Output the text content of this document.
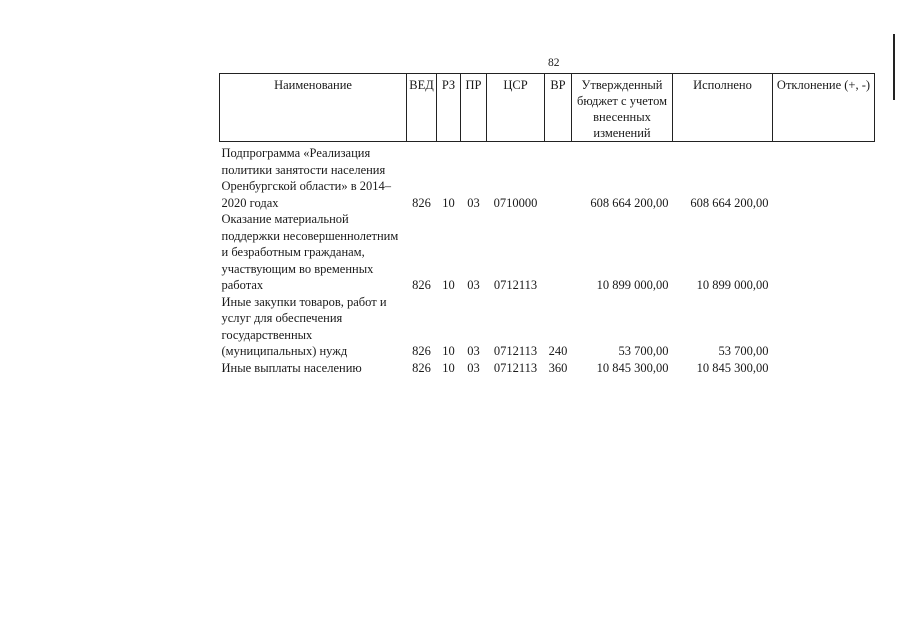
82
Наименование	ВЕД	РЗ	ПР	ЦСР	ВР	Утвержденный бюджет с учетом внесенных изменений	Исполнено	Отклонение (+, -)
Подпрограмма «Реализация политики занятости населения Оренбургской области» в 2014–2020 годах	826	10	03	0710000		608 664 200,00	608 664 200,00	
Оказание материальной поддержки несовершеннолетним и безработным гражданам, участвующим во временных работах	826	10	03	0712113		10 899 000,00	10 899 000,00	
Иные закупки товаров, работ и услуг для обеспечения государственных (муниципальных) нужд	826	10	03	0712113	240	53 700,00	53 700,00	
Иные выплаты населению	826	10	03	0712113	360	10 845 300,00	10 845 300,00	
